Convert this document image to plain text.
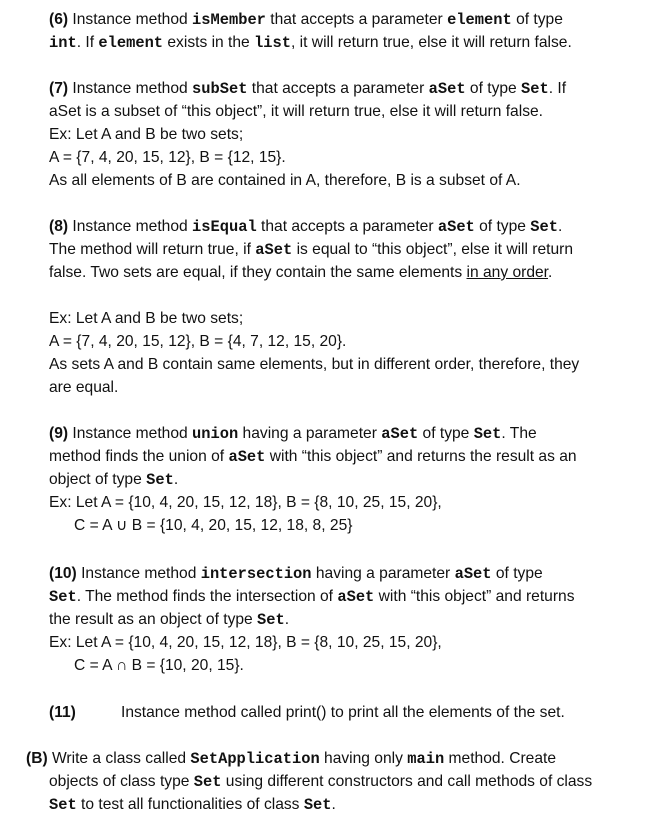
(6) Instance method isMember that accepts a parameter element of type
int. If element exists in the list, it will return true, else it will return false.
(7) Instance method subSet that accepts a parameter aSet of type Set. If
aSet is a subset of “this object”, it will return true, else it will return false.
Ex: Let A and B be two sets;
A = {7, 4, 20, 15, 12}, B = {12, 15}.
As all elements of B are contained in A, therefore, B is a subset of A.
(8) Instance method isEqual that accepts a parameter aSet of type Set.
The method will return true, if aSet is equal to “this object”, else it will return
false. Two sets are equal, if they contain the same elements in any order.
Ex: Let A and B be two sets;
A = {7, 4, 20, 15, 12}, B = {4, 7, 12, 15, 20}.
As sets A and B contain same elements, but in different order, therefore, they
are equal.
(9) Instance method union having a parameter aSet of type Set. The
method finds the union of aSet with “this object” and returns the result as an
object of type Set.
Ex: Let A = {10, 4, 20, 15, 12, 18}, B = {8, 10, 25, 15, 20},
C = A ∪ B = {10, 4, 20, 15, 12, 18, 8, 25}
(10) Instance method intersection having a parameter aSet of type
Set. The method finds the intersection of aSet with “this object” and returns
the result as an object of type Set.
Ex: Let A = {10, 4, 20, 15, 12, 18}, B = {8, 10, 25, 15, 20},
C = A ∩ B = {10, 20, 15}.
(11)	Instance method called print() to print all the elements of the set.
(B) Write a class called SetApplication having only main method. Create
objects of class type Set using different constructors and call methods of class
Set to test all functionalities of class Set.
